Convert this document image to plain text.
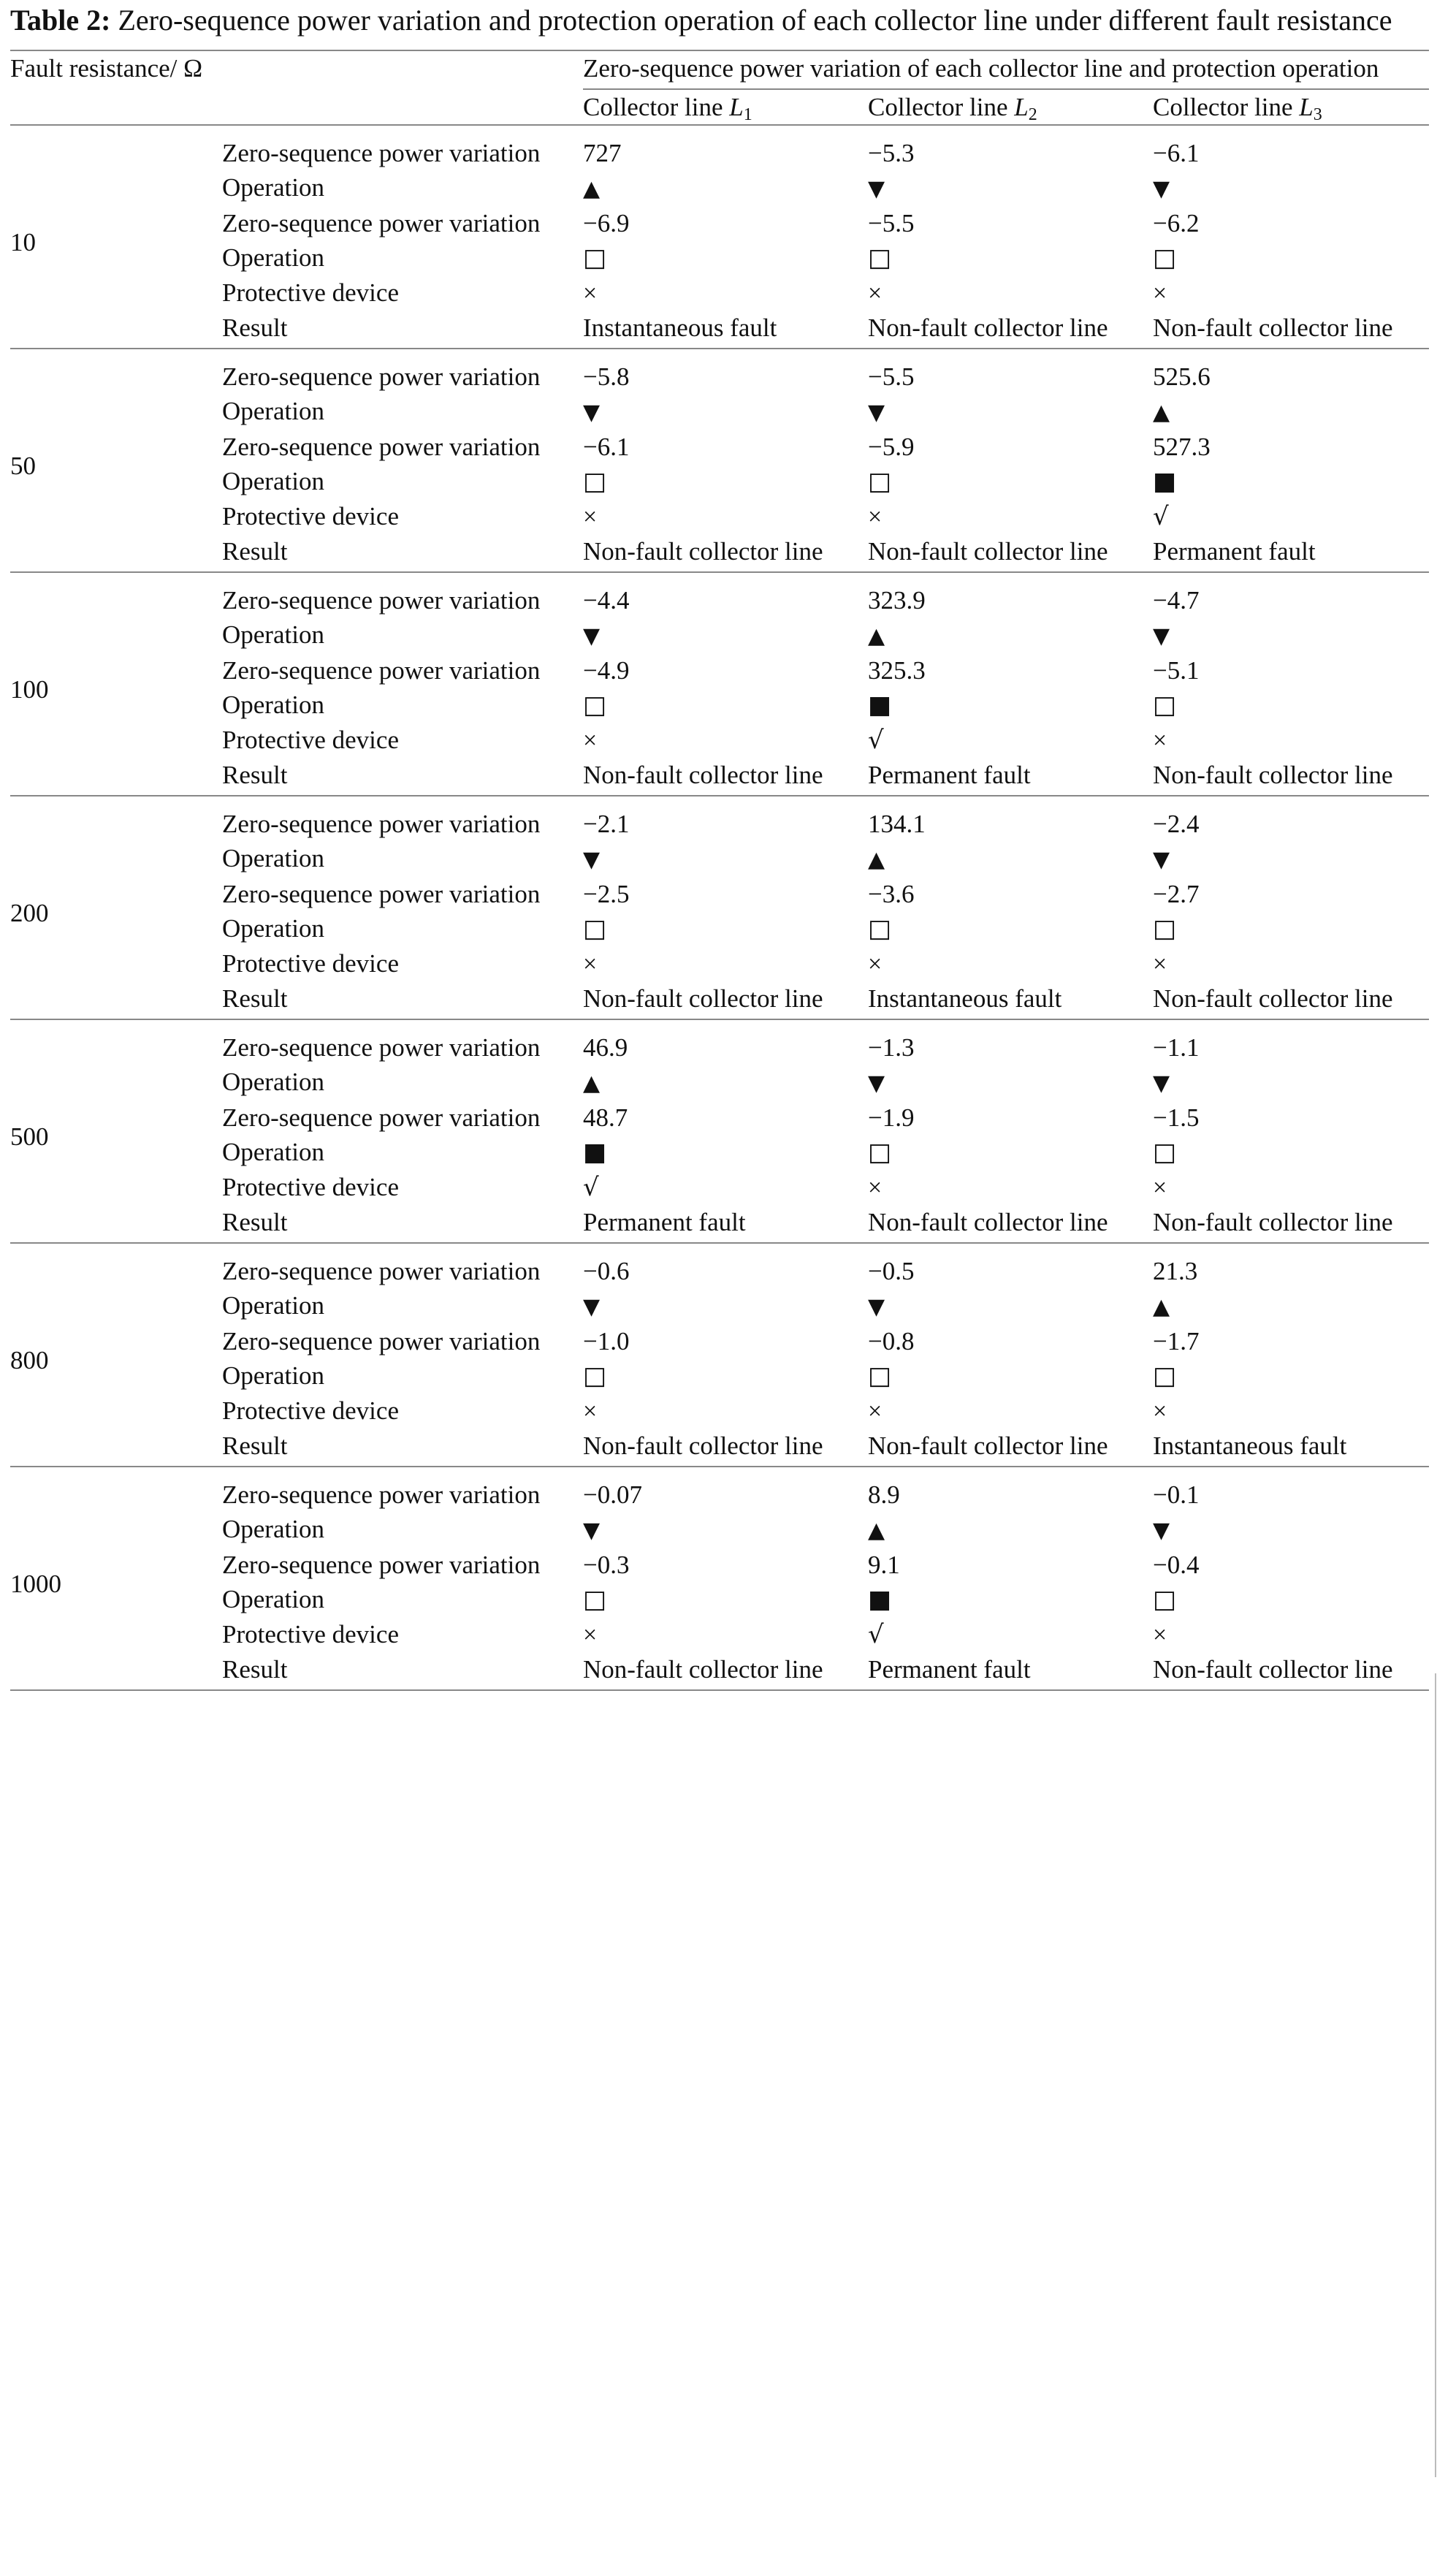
Table 2: Zero-sequence power variation and protection operation of each collector line under different fault resistance
Fault resistance/ Ω		Zero-sequence power variation of each collector line and protection operation		
		Collector line $L_1$	Collector line $L_2$	Collector line $L_3$
10	Zero-sequence power variation	727	−5.3	−6.1
	Operation	▲	▼	▼
	Zero-sequence power variation	−6.9	−5.5	−6.2
	Operation	□	□	□
	Protective device	×	×	×
	Result	Instantaneous fault	Non-fault collector line	Non-fault collector line
50	Zero-sequence power variation	−5.8	−5.5	525.6
	Operation	▼	▼	▲
	Zero-sequence power variation	−6.1	−5.9	527.3
	Operation	□	□	■
	Protective device	×	×	√
	Result	Non-fault collector line	Non-fault collector line	Permanent fault
100	Zero-sequence power variation	−4.4	323.9	−4.7
	Operation	▼	▲	▼
	Zero-sequence power variation	−4.9	325.3	−5.1
	Operation	□	■	□
	Protective device	×	√	×
	Result	Non-fault collector line	Permanent fault	Non-fault collector line
200	Zero-sequence power variation	−2.1	134.1	−2.4
	Operation	▼	▲	▼
	Zero-sequence power variation	−2.5	−3.6	−2.7
	Operation	□	□	□
	Protective device	×	×	×
	Result	Non-fault collector line	Instantaneous fault	Non-fault collector line
500	Zero-sequence power variation	46.9	−1.3	−1.1
	Operation	▲	▼	▼
	Zero-sequence power variation	48.7	−1.9	−1.5
	Operation	■	□	□
	Protective device	√	×	×
	Result	Permanent fault	Non-fault collector line	Non-fault collector line
800	Zero-sequence power variation	−0.6	−0.5	21.3
	Operation	▼	▼	▲
	Zero-sequence power variation	−1.0	−0.8	−1.7
	Operation	□	□	□
	Protective device	×	×	×
	Result	Non-fault collector line	Non-fault collector line	Instantaneous fault
1000	Zero-sequence power variation	−0.07	8.9	−0.1
	Operation	▼	▲	▼
	Zero-sequence power variation	−0.3	9.1	−0.4
	Operation	□	■	□
	Protective device	×	√	×
	Result	Non-fault collector line	Permanent fault	Non-fault collector line
